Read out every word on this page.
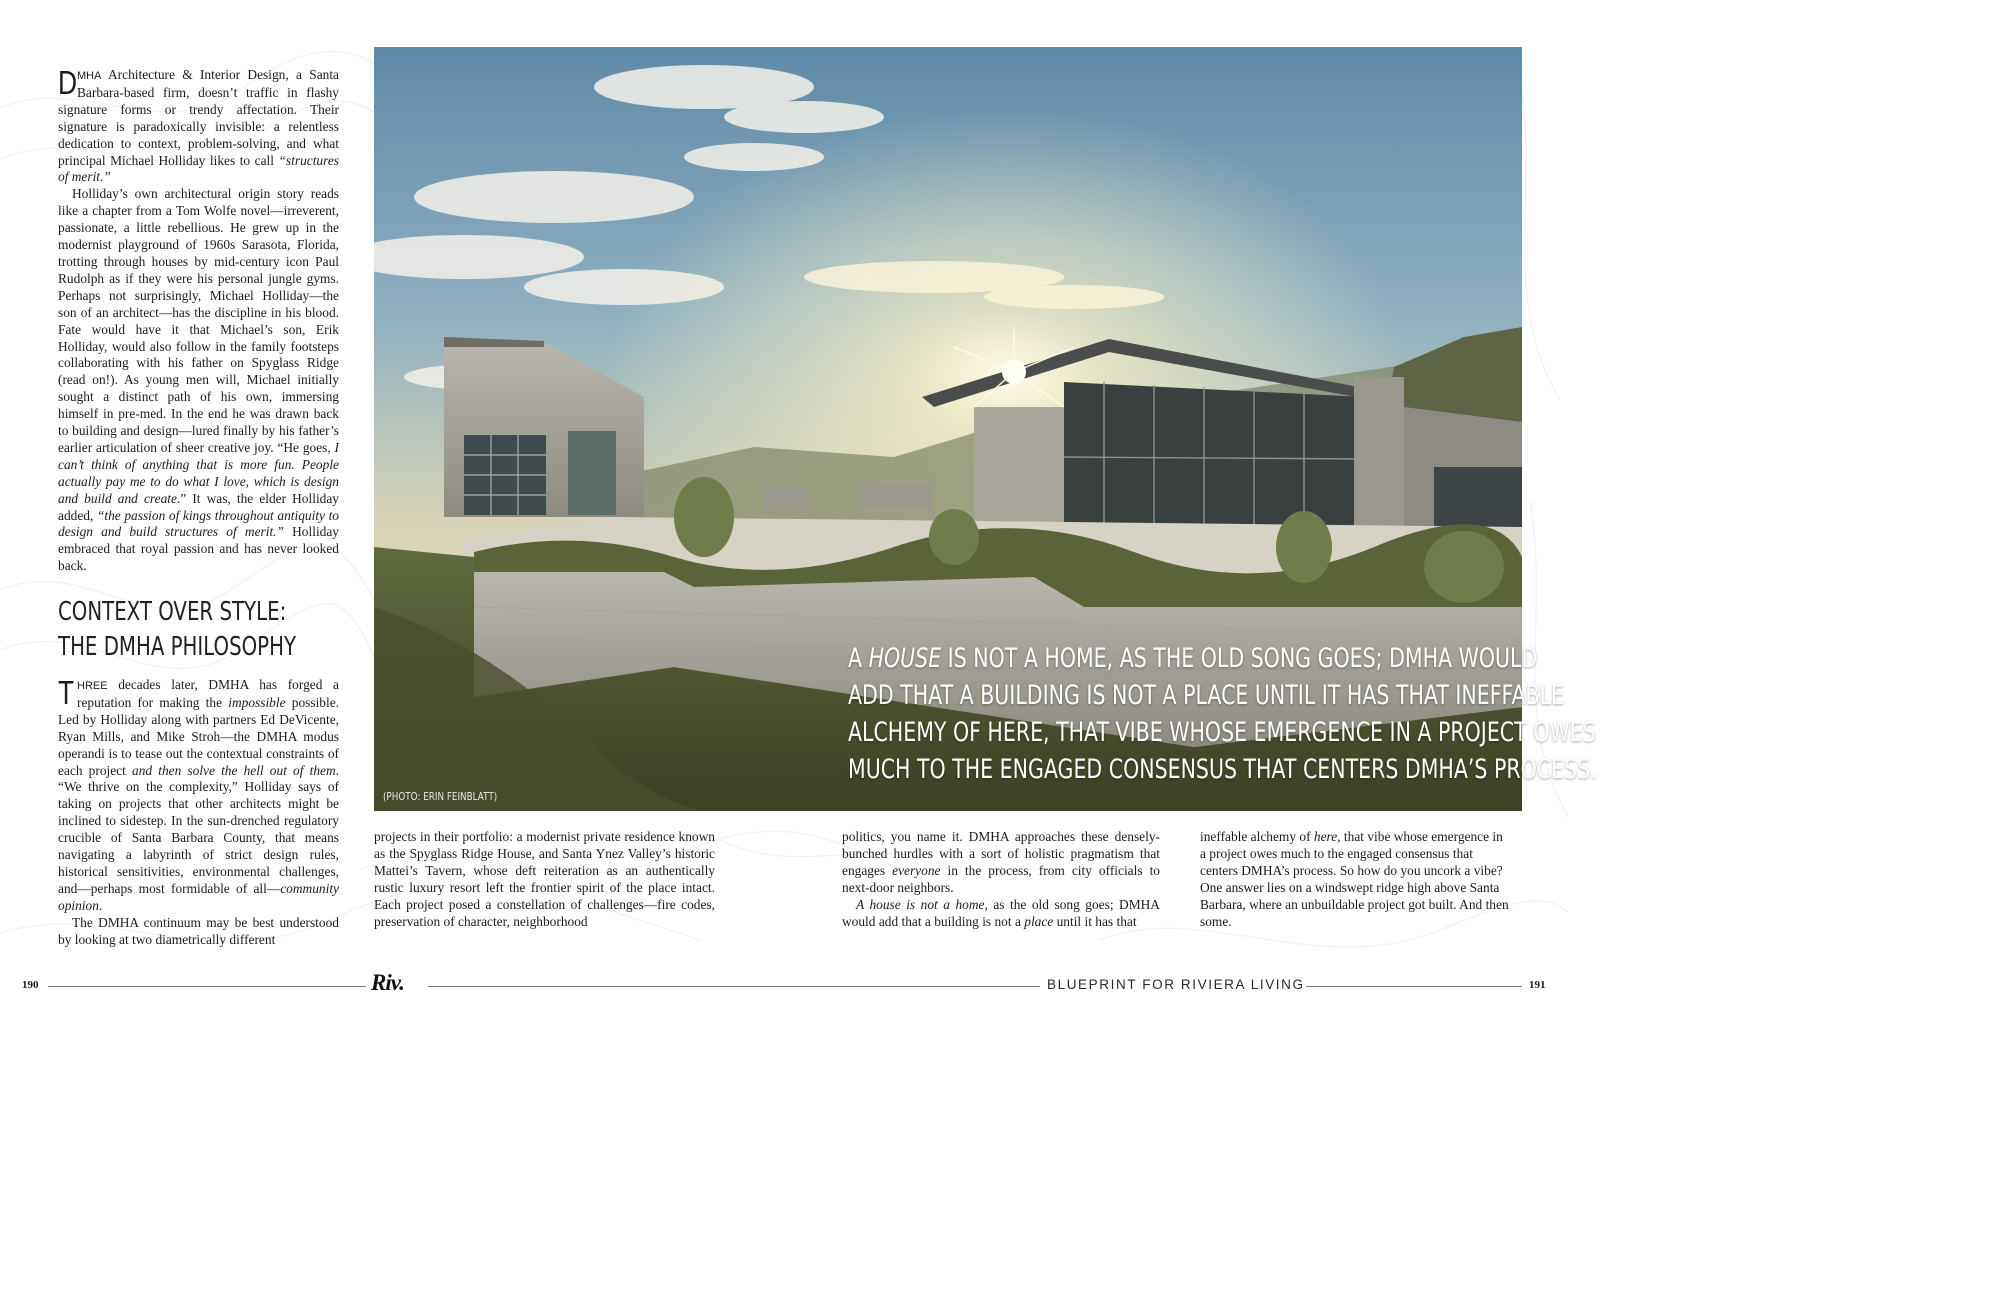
DMHA Architecture & Interior Design, a Santa Barbara-based firm, doesn’t traffic in flashy signature forms or trendy affectation. Their signature is paradoxically invisible: a relentless dedication to context, problem-solving, and what principal Michael Holliday likes to call “structures of merit.”

Holliday’s own architectural origin story reads like a chapter from a Tom Wolfe novel—irreverent, passionate, a little rebellious. He grew up in the modernist playground of 1960s Sarasota, Florida, trotting through houses by mid-century icon Paul Rudolph as if they were his personal jungle gyms. Perhaps not surprisingly, Michael Holliday—the son of an architect—has the discipline in his blood. Fate would have it that Michael’s son, Erik Holliday, would also follow in the family footsteps collaborating with his father on Spyglass Ridge (read on!). As young men will, Michael initially sought a distinct path of his own, immersing himself in pre-med. In the end he was drawn back to building and design—lured finally by his father’s earlier articulation of sheer creative joy. “He goes, I can’t think of anything that is more fun. People actually pay me to do what I love, which is design and build and create.” It was, the elder Holliday added, “the passion of kings throughout antiquity to design and build structures of merit.” Holliday embraced that royal passion and has never looked back.

CONTEXT OVER STYLE:
THE DMHA PHILOSOPHY

THREE decades later, DMHA has forged a reputation for making the impossible possible. Led by Holliday along with partners Ed DeVicente, Ryan Mills, and Mike Stroh—the DMHA modus operandi is to tease out the contextual constraints of each project and then solve the hell out of them. “We thrive on the complexity,” Holliday says of taking on projects that other architects might be inclined to sidestep. In the sun-drenched regulatory crucible of Santa Barbara County, that means navigating a labyrinth of strict design rules, historical sensitivities, environmental challenges, and—perhaps most formidable of all—community opinion.

The DMHA continuum may be best understood by looking at two diametrically different

(PHOTO: ERIN FEINBLATT)
A HOUSE IS NOT A HOME, AS THE OLD SONG GOES; DMHA WOULD
ADD THAT A BUILDING IS NOT A PLACE UNTIL IT HAS THAT INEFFABLE
ALCHEMY OF HERE, THAT VIBE WHOSE EMERGENCE IN A PROJECT OWES
MUCH TO THE ENGAGED CONSENSUS THAT CENTERS DMHA’S PROCESS.

projects in their portfolio: a modernist private residence known as the Spyglass Ridge House, and Santa Ynez Valley’s historic Mattei’s Tavern, whose deft reiteration as an authentically rustic luxury resort left the frontier spirit of the place intact. Each project posed a constellation of challenges—fire codes, preservation of character, neighborhood

politics, you name it. DMHA approaches these densely-bunched hurdles with a sort of holistic pragmatism that engages everyone in the process, from city officials to next-door neighbors.

A house is not a home, as the old song goes; DMHA would add that a building is not a place until it has that

ineffable alchemy of here, that vibe whose emergence in a project owes much to the engaged consensus that centers DMHA’s process. So how do you uncork a vibe? One answer lies on a windswept ridge high above Santa Barbara, where an unbuildable project got built. And then some.

190	Riv.	BLUEPRINT FOR RIVIERA LIVING	191
